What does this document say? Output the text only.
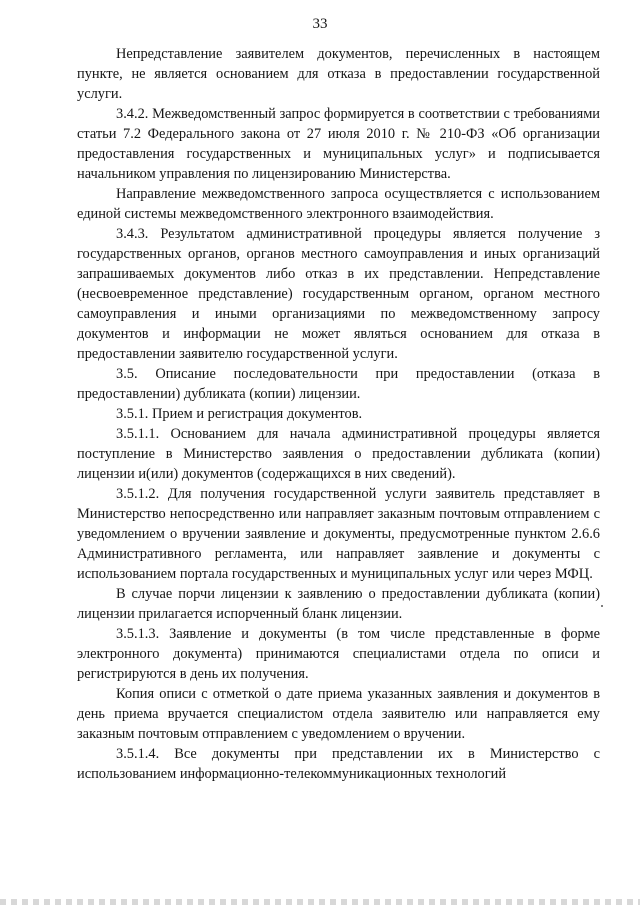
33

Непредставление заявителем документов, перечисленных в настоящем пункте, не является основанием для отказа в предоставлении государственной услуги.

3.4.2. Межведомственный запрос формируется в соответствии с требованиями статьи 7.2 Федерального закона от 27 июля 2010 г. № 210-ФЗ «Об организации предоставления государственных и муниципальных услуг» и подписывается начальником управления по лицензированию Министерства.

Направление межведомственного запроса осуществляется с использованием единой системы межведомственного электронного взаимодействия.

3.4.3. Результатом административной процедуры является получение з государственных органов, органов местного самоуправления и иных организаций запрашиваемых документов либо отказ в их представлении. Непредставление (несвоевременное представление) государственным органом, органом местного самоуправления и иными организациями по межведомственному запросу документов и информации не может являться основанием для отказа в предоставлении заявителю государственной услуги.

3.5. Описание последовательности при предоставлении (отказа в предоставлении) дубликата (копии) лицензии.

3.5.1. Прием и регистрация документов.

3.5.1.1. Основанием для начала административной процедуры является поступление в Министерство заявления о предоставлении дубликата (копии) лицензии и(или) документов (содержащихся в них сведений).

3.5.1.2. Для получения государственной услуги заявитель представляет в Министерство непосредственно или направляет заказным почтовым отправлением с уведомлением о вручении заявление и документы, предусмотренные пунктом 2.6.6 Административного регламента, или направляет заявление и документы с использованием портала государственных и муниципальных услуг или через МФЦ.

В случае порчи лицензии к заявлению о предоставлении дубликата (копии) лицензии прилагается испорченный бланк лицензии.

3.5.1.3. Заявление и документы (в том числе представленные в форме электронного документа) принимаются специалистами отдела по описи и регистрируются в день их получения.

Копия описи с отметкой о дате приема указанных заявления и документов в день приема вручается специалистом отдела заявителю или направляется ему заказным почтовым отправлением с уведомлением о вручении.

3.5.1.4. Все документы при представлении их в Министерство с использованием информационно-телекоммуникационных технологий
